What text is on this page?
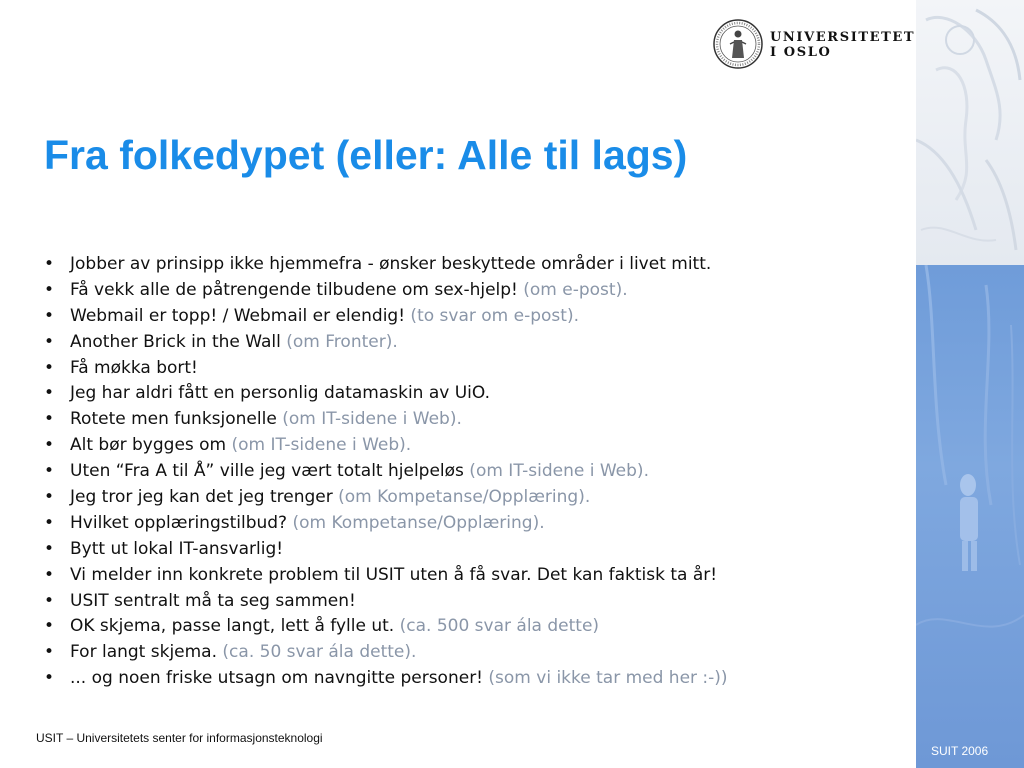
UNIVERSITETET
I OSLO
Fra folkedypet (eller: Alle til lags)
• Jobber av prinsipp ikke hjemmefra - ønsker beskyttede områder i livet mitt.
• Få vekk alle de påtrengende tilbudene om sex-hjelp! (om e-post).
• Webmail er topp! / Webmail er elendig! (to svar om e-post).
• Another Brick in the Wall (om Fronter).
• Få møkka bort!
• Jeg har aldri fått en personlig datamaskin av UiO.
• Rotete men funksjonelle (om IT-sidene i Web).
• Alt bør bygges om (om IT-sidene i Web).
• Uten “Fra A til Å” ville jeg vært totalt hjelpeløs (om IT-sidene i Web).
• Jeg tror jeg kan det jeg trenger (om Kompetanse/Opplæring).
• Hvilket opplæringstilbud? (om Kompetanse/Opplæring).
• Bytt ut lokal IT-ansvarlig!
• Vi melder inn konkrete problem til USIT uten å få svar. Det kan faktisk ta år!
• USIT sentralt må ta seg sammen!
• OK skjema, passe langt, lett å fylle ut. (ca. 500 svar ála dette)
• For langt skjema. (ca. 50 svar ála dette).
• ... og noen friske utsagn om navngitte personer! (som vi ikke tar med her :-))
USIT – Universitetets senter for informasjonsteknologi
SUIT 2006
